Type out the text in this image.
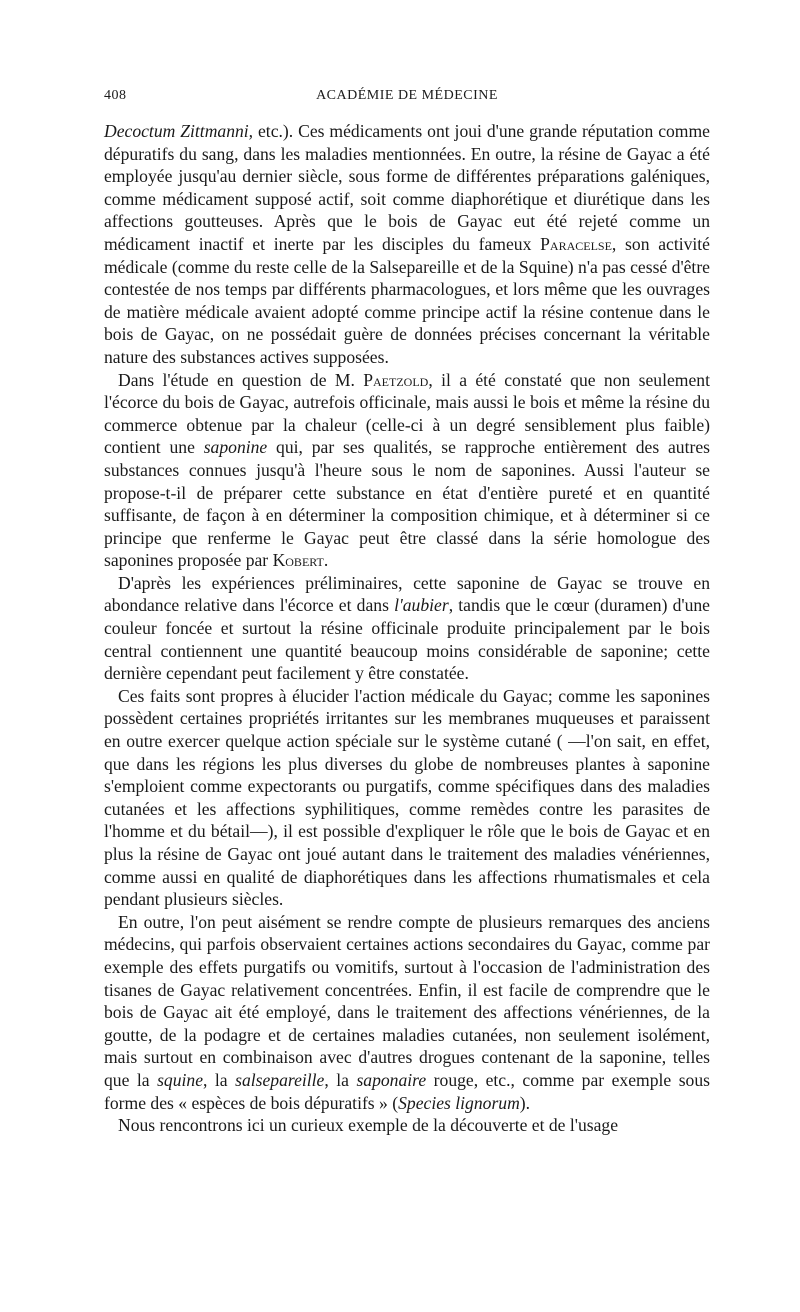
408	ACADÉMIE DE MÉDECINE

Decoctum Zittmanni, etc.). Ces médicaments ont joui d'une grande réputation comme dépuratifs du sang, dans les maladies mentionnées. En outre, la résine de Gayac a été employée jusqu'au dernier siècle, sous forme de différentes préparations galéniques, comme médicament supposé actif, soit comme diaphorétique et diurétique dans les affections goutteuses. Après que le bois de Gayac eut été rejeté comme un médicament inactif et inerte par les disciples du fameux Paracelse, son activité médicale (comme du reste celle de la Salsepareille et de la Squine) n'a pas cessé d'être contestée de nos temps par différents pharmacologues, et lors même que les ouvrages de matière médicale avaient adopté comme principe actif la résine contenue dans le bois de Gayac, on ne possédait guère de données précises concernant la véritable nature des substances actives supposées.

Dans l'étude en question de M. Paetzold, il a été constaté que non seulement l'écorce du bois de Gayac, autrefois officinale, mais aussi le bois et même la résine du commerce obtenue par la chaleur (celle-ci à un degré sensiblement plus faible) contient une saponine qui, par ses qualités, se rapproche entièrement des autres substances connues jusqu'à l'heure sous le nom de saponines. Aussi l'auteur se propose-t-il de préparer cette substance en état d'entière pureté et en quantité suffisante, de façon à en déterminer la composition chimique, et à déterminer si ce principe que renferme le Gayac peut être classé dans la série homologue des saponines proposée par Kobert.

D'après les expériences préliminaires, cette saponine de Gayac se trouve en abondance relative dans l'écorce et dans l'aubier, tandis que le cœur (duramen) d'une couleur foncée et surtout la résine officinale produite principalement par le bois central contiennent une quantité beaucoup moins considérable de saponine; cette dernière cependant peut facilement y être constatée.

Ces faits sont propres à élucider l'action médicale du Gayac; comme les saponines possèdent certaines propriétés irritantes sur les membranes muqueuses et paraissent en outre exercer quelque action spéciale sur le système cutané ( —l'on sait, en effet, que dans les régions les plus diverses du globe de nombreuses plantes à saponine s'emploient comme expectorants ou purgatifs, comme spécifiques dans des maladies cutanées et les affections syphilitiques, comme remèdes contre les parasites de l'homme et du bétail—), il est possible d'expliquer le rôle que le bois de Gayac et en plus la résine de Gayac ont joué autant dans le traitement des maladies vénériennes, comme aussi en qualité de diaphorétiques dans les affections rhumatismales et cela pendant plusieurs siècles.

En outre, l'on peut aisément se rendre compte de plusieurs remarques des anciens médecins, qui parfois observaient certaines actions secondaires du Gayac, comme par exemple des effets purgatifs ou vomitifs, surtout à l'occasion de l'administration des tisanes de Gayac relativement concentrées. Enfin, il est facile de comprendre que le bois de Gayac ait été employé, dans le traitement des affections vénériennes, de la goutte, de la podagre et de certaines maladies cutanées, non seulement isolément, mais surtout en combinaison avec d'autres drogues contenant de la saponine, telles que la squine, la salsepareille, la saponaire rouge, etc., comme par exemple sous forme des « espèces de bois dépuratifs » (Species lignorum).

Nous rencontrons ici un curieux exemple de la découverte et de l'usage
